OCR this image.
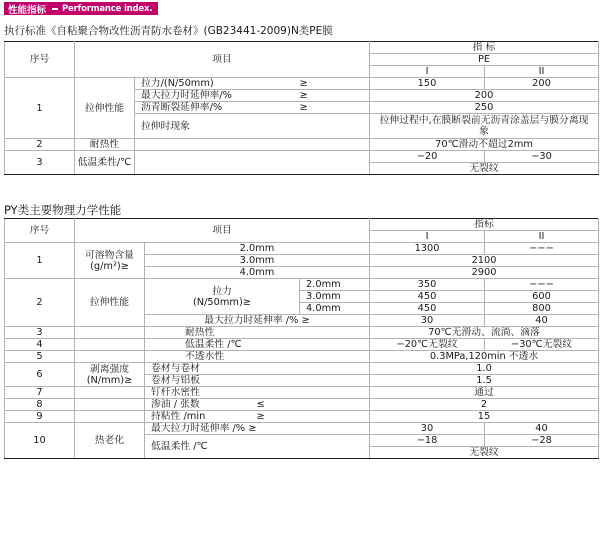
性能指标	Performance index.
执行标准《自粘聚合物改性沥青防水卷材》(GB23441-2009)N类PE膜
序号	项目			指 标	
				PE	
				I	II
1	拉伸性能	拉力/(N/50mm)	≥	150	200
		最大拉力时延伸率/%	≥	200	
		沥青断裂延伸率/%	≥	250	
		拉伸时现象		拉伸过程中,在膜断裂前无沥青涂盖层与膜分离现象	

2	耐热性			70℃滑动不超过2mm	
3	低温柔性/℃			−20	−30
				无裂纹	
PY类主要物理力学性能
序号	项目				指标	
					I	II
1	可溶物含量
(g/m²)≥	2.0mm			1300	−−−
		3.0mm			2100	
		4.0mm			2900	
2	拉伸性能	拉力
(N/50mm)≥		2.0mm	350	−−−
				3.0mm	450	600
				4.0mm	450	800
		最大拉力时延伸率 /% ≥			30	40
3		耐热性			70℃无滑动、流淌、滴落	
4		低温柔性 /℃			−20℃无裂纹	−30℃无裂纹
5		不透水性			0.3MPa,120min 不透水	
6	剥离强度
(N/mm)≥	卷材与卷材			1.0	
		卷材与铝板			1.5	
7		钉杆水密性			通过	
8		渗油 / 张数	≤		2	
9		持粘性 /min	≥		15	
10	热老化	最大拉力时延伸率 /% ≥			30	40
		低温柔性 /℃			−18	−28
					无裂纹	
